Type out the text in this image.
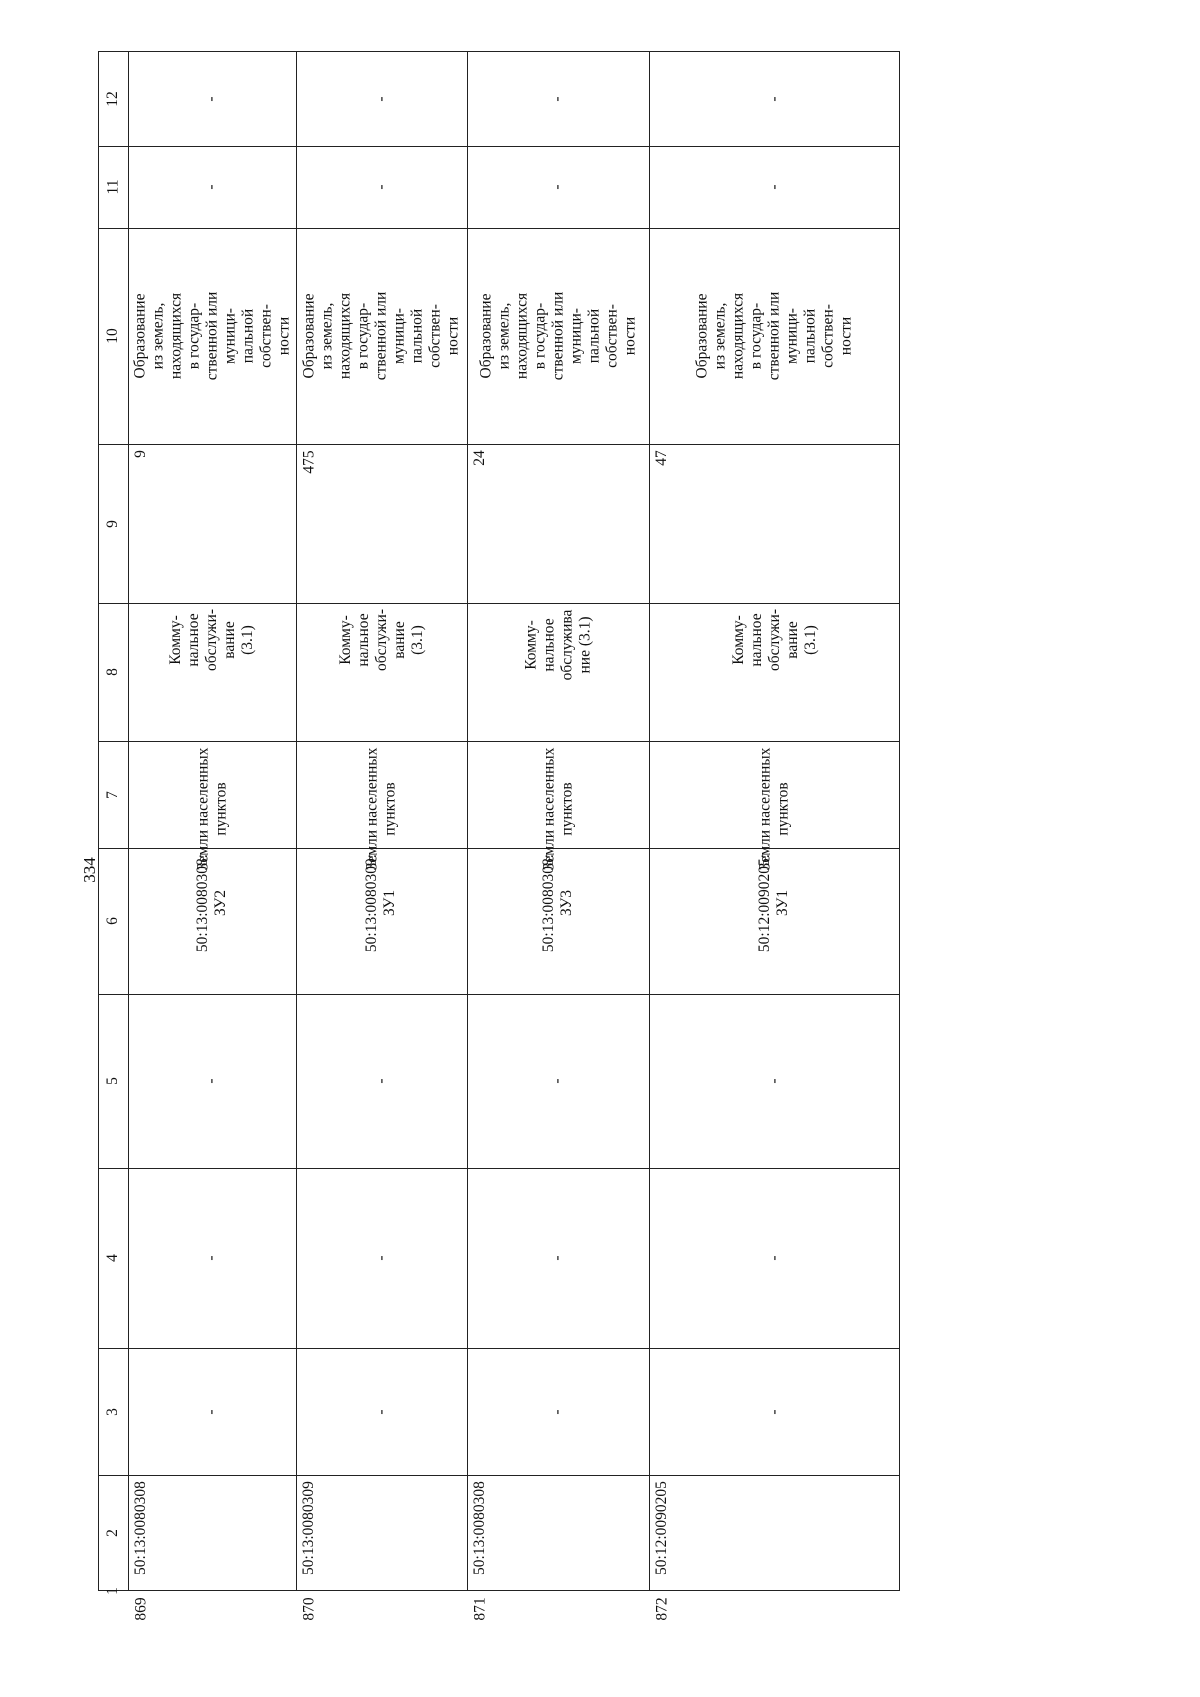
334
1
2
3
4
5
6
7
8
9
10
11
12
869
50:13:0080308
-
-
-
50:13:0080308:
ЗУ2
Земли населенных
пунктов
Комму-
нальное
обслужи-
вание
(3.1)
9
Образование
из земель,
находящихся
в государ-
ственной или
муници-
пальной
собствен-
ности
-
-
870
50:13:0080309
-
-
-
50:13:0080309:
ЗУ1
Земли населенных
пунктов
Комму-
нальное
обслужи-
вание
(3.1)
475
Образование
из земель,
находящихся
в государ-
ственной или
муници-
пальной
собствен-
ности
-
-
871
50:13:0080308
-
-
-
50:13:0080308:
ЗУ3
Земли населенных
пунктов
Комму-
нальное
обслужива
ние (3.1)
24
Образование
из земель,
находящихся
в государ-
ственной или
муници-
пальной
собствен-
ности
-
-
872
50:12:0090205
-
-
-
50:12:0090205:
ЗУ1
Земли населенных
пунктов
Комму-
нальное
обслужи-
вание
(3.1)
47
Образование
из земель,
находящихся
в государ-
ственной или
муници-
пальной
собствен-
ности
-
-
